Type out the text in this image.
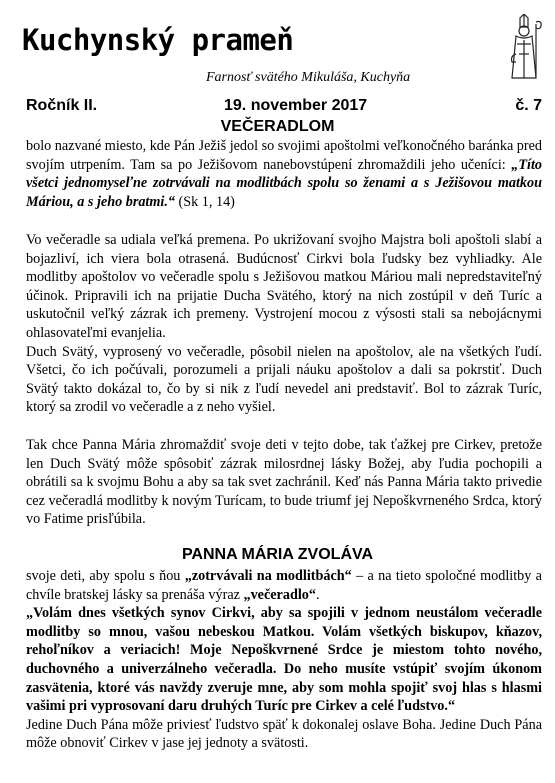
Kuchynský prameň
Farnosť svätého Mikuláša, Kuchyňa
Ročník II.	19. november 2017	č. 7
VEČERADLOM
bolo nazvané miesto, kde Pán Ježiš jedol so svojimi apoštolmi veľkonočného baránka pred svojím utrpením. Tam sa po Ježišovom nanebovstúpení zhromaždili jeho učeníci: „Títo všetci jednomyseľne zotrvávali na modlitbách spolu so ženami a s Ježišovou matkou Máriou, a s jeho bratmi.“ (Sk 1, 14)
Vo večeradle sa udiala veľká premena. Po ukrižovaní svojho Majstra boli apoštoli slabí a bojazliví, ich viera bola otrasená. Budúcnosť Cirkvi bola ľudsky bez vyhliadky. Ale modlitby apoštolov vo večeradle spolu s Ježišovou matkou Máriou mali nepredstaviteľný účinok. Pripravili ich na prijatie Ducha Svätého, ktorý na nich zostúpil v deň Turíc a uskutočnil veľký zázrak ich premeny. Vystrojení mocou z výsosti stali sa nebojácnymi ohlasovateľmi evanjelia.
Duch Svätý, vyprosený vo večeradle, pôsobil nielen na apoštolov, ale na všetkých ľudí. Všetci, čo ich počúvali, porozumeli a prijali náuku apoštolov a dali sa pokrstiť. Duch Svätý takto dokázal to, čo by si nik z ľudí nevedel ani predstaviť. Bol to zázrak Turíc, ktorý sa zrodil vo večeradle a z neho vyšiel.
Tak chce Panna Mária zhromaždiť svoje deti v tejto dobe, tak ťažkej pre Cirkev, pretože len Duch Svätý môže spôsobiť zázrak milosrdnej lásky Božej, aby ľudia pochopili a obrátili sa k svojmu Bohu a aby sa tak svet zachránil. Keď nás Panna Mária takto privedie cez večeradlá modlitby k novým Turícam, to bude triumf jej Nepoškvrneného Srdca, ktorý vo Fatime prisľúbila.
PANNA MÁRIA ZVOLÁVA
svoje deti, aby spolu s ňou „zotrvávali na modlitbách“ – a na tieto spoločné modlitby a chvíle bratskej lásky sa prenáša výraz „večeradlo“.
„Volám dnes všetkých synov Cirkvi, aby sa spojili v jednom neustálom večeradle modlitby so mnou, vašou nebeskou Matkou. Volám všetkých biskupov, kňazov, rehoľníkov a veriacich! Moje Nepoškvrnené Srdce je miestom tohto nového, duchovného a univerzálneho večeradla. Do neho musíte vstúpiť svojím úkonom zasvätenia, ktoré vás navždy zveruje mne, aby som mohla spojiť svoj hlas s hlasmi vašimi pri vyprosovaní daru druhých Turíc pre Cirkev a celé ľudstvo.“
Jedine Duch Pána môže priviesť ľudstvo späť k dokonalej oslave Boha. Jedine Duch Pána môže obnoviť Cirkev v jase jej jednoty a svätosti.
